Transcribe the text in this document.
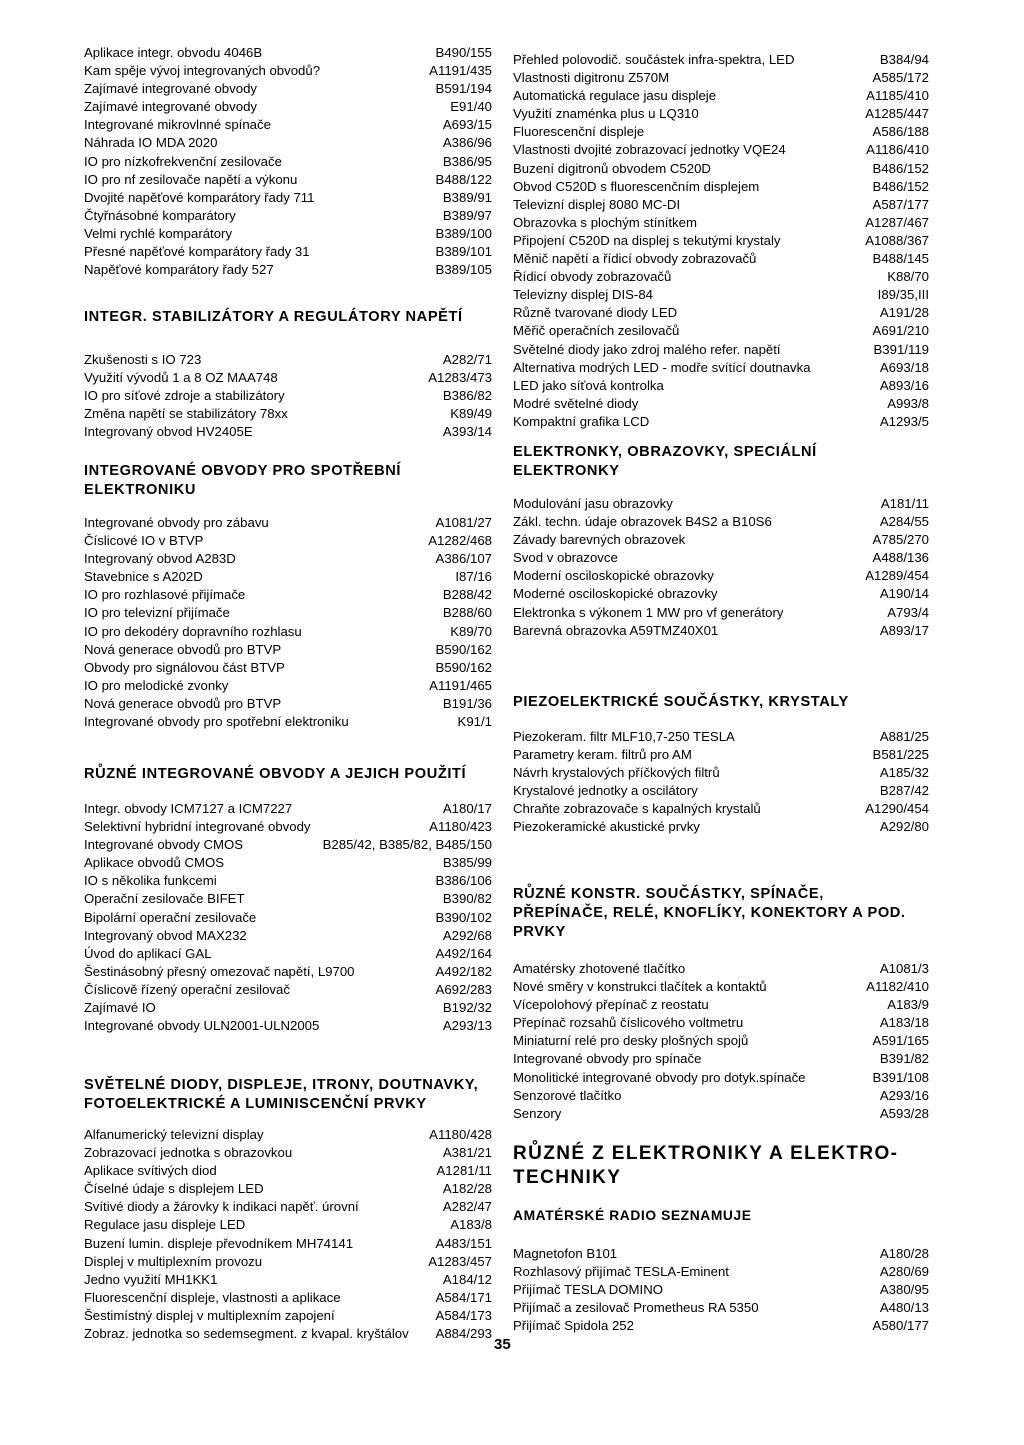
Aplikace integr. obvodu 4046B	B490/155
Kam spěje vývoj integrovaných obvodů?	A1191/435
Zajímavé integrované obvody	B591/194
Zajímavé integrované obvody	E91/40
Integrované mikrovlnné spínače	A693/15
Náhrada IO MDA 2020	A386/96
IO pro nízkofrekvenční zesilovače	B386/95
IO pro nf zesilovače napětí a výkonu	B488/122
Dvojité napěťové komparátory řady 711	B389/91
Čtyřnásobné komparátory	B389/97
Velmi rychlé komparátory	B389/100
Přesné napěťové komparátory řady 31	B389/101
Napěťové komparátory řady 527	B389/105
INTEGR. STABILIZÁTORY A REGULÁTORY NAPĚTÍ
Zkušenosti s IO 723	A282/71
Využití vývodů 1 a 8 OZ MAA748	A1283/473
IO pro síťové zdroje a stabilizátory	B386/82
Změna napětí se stabilizátory 78xx	K89/49
Integrovaný obvod HV2405E	A393/14
INTEGROVANÉ OBVODY PRO SPOTŘEBNÍ ELEKTRONIKU
Integrované obvody pro zábavu	A1081/27
Číslicové IO v BTVP	A1282/468
Integrovaný obvod A283D	A386/107
Stavebnice s A202D	I87/16
IO pro rozhlasové přijímače	B288/42
IO pro televizní přijímače	B288/60
IO pro dekodéry dopravního rozhlasu	K89/70
Nová generace obvodů pro BTVP	B590/162
Obvody pro signálovou část BTVP	B590/162
IO pro melodické zvonky	A1191/465
Nová generace obvodů pro BTVP	B191/36
Integrované obvody pro spotřební elektroniku	K91/1
RŮZNÉ INTEGROVANÉ OBVODY A JEJICH POUŽITÍ
Integr. obvody ICM7127 a ICM7227	A180/17
Selektivní hybridní integrované obvody	A1180/423
Integrované obvody CMOS	B285/42, B385/82, B485/150
Aplikace obvodů CMOS	B385/99
IO s několika funkcemi	B386/106
Operační zesilovače BIFET	B390/82
Bipolární operační zesilovače	B390/102
Integrovaný obvod MAX232	A292/68
Úvod do aplikací GAL	A492/164
Šestinásobný přesný omezovač napětí, L9700	A492/182
Číslicově řízený operační zesilovač	A692/283
Zajímavé IO	B192/32
Integrované obvody ULN2001-ULN2005	A293/13
SVĚTELNÉ DIODY, DISPLEJE, ITRONY, DOUTNAVKY, FOTOELEKTRICKÉ A LUMINISCENČNÍ PRVKY
Alfanumerický televizní display	A1180/428
Zobrazovací jednotka s obrazovkou	A381/21
Aplikace svítivých diod	A1281/11
Číselné údaje s displejem LED	A182/28
Svítivé diody a žárovky k indikaci napěť. úrovní	A282/47
Regulace jasu displeje LED	A183/8
Buzení lumin. displeje převodníkem MH74141	A483/151
Displej v multiplexním provozu	A1283/457
Jedno využití MH1KK1	A184/12
Fluorescenční displeje, vlastnosti a aplikace	A584/171
Šestimístný displej v multiplexním zapojení	A584/173
Zobraz. jednotka so sedemsegment. z kvapal. kryštálov	A884/293
Přehled polovodič. součástek infra-spektra, LED	B384/94
Vlastnosti digitronu Z570M	A585/172
Automatická regulace jasu displeje	A1185/410
Využití znaménka plus u LQ310	A1285/447
Fluorescenční displeje	A586/188
Vlastnosti dvojité zobrazovací jednotky VQE24	A1186/410
Buzení digitronů obvodem C520D	B486/152
Obvod C520D s fluorescenčním displejem	B486/152
Televizní displej 8080 MC-DI	A587/177
Obrazovka s plochým stínítkem	A1287/467
Připojení C520D na displej s tekutými krystaly	A1088/367
Měnič napětí a řídicí obvody zobrazovačů	B488/145
Řídicí obvody zobrazovačů	K88/70
Televizny displej DIS-84	I89/35,III
Různě tvarované diody LED	A191/28
Měřič operačních zesilovačů	A691/210
Světelné diody jako zdroj malého refer. napětí	B391/119
Alternativa modrých LED - modře svítící doutnavka	A693/18
LED jako síťová kontrolka	A893/16
Modré světelné diody	A993/8
Kompaktní grafika LCD	A1293/5
ELEKTRONKY, OBRAZOVKY, SPECIÁLNÍ ELEKTRONKY
Modulování jasu obrazovky	A181/11
Zákl. techn. údaje obrazovek B4S2 a B10S6	A284/55
Závady barevných obrazovek	A785/270
Svod v obrazovce	A488/136
Moderní osciloskopické obrazovky	A1289/454
Moderné osciloskopické obrazovky	A190/14
Elektronka s výkonem 1 MW pro vf generátory	A793/4
Barevná obrazovka A59TMZ40X01	A893/17
PIEZOELEKTRICKÉ SOUČÁSTKY, KRYSTALY
Piezokeram. filtr MLF10,7-250 TESLA	A881/25
Parametry keram. filtrů pro AM	B581/225
Návrh krystalových příčkových filtrů	A185/32
Krystalové jednotky a oscilátory	B287/42
Chraňte zobrazovače s kapalných krystalů	A1290/454
Piezokeramické akustické prvky	A292/80
RŮZNÉ KONSTR. SOUČÁSTKY, SPÍNAČE, PŘEPÍNAČE, RELÉ, KNOFLÍKY, KONEKTORY A POD. PRVKY
Amatérsky zhotovené tlačítko	A1081/3
Nové směry v konstrukci tlačítek a kontaktů	A1182/410
Vícepolohový přepínač z reostatu	A183/9
Přepínač rozsahů číslicového voltmetru	A183/18
Miniaturní relé pro desky plošných spojů	A591/165
Integrované obvody pro spínače	B391/82
Monolitické integrované obvody pro dotyk.spínače	B391/108
Senzorové tlačítko	A293/16
Senzory	A593/28
RŮZNÉ Z ELEKTRONIKY A ELEKTRO-TECHNIKY
AMATÉRSKÉ RADIO SEZNAMUJE
Magnetofon B101	A180/28
Rozhlasový přijímač TESLA-Eminent	A280/69
Přijímač TESLA DOMINO	A380/95
Přijímač a zesilovač Prometheus RA 5350	A480/13
Přijímač Spidola 252	A580/177
35
